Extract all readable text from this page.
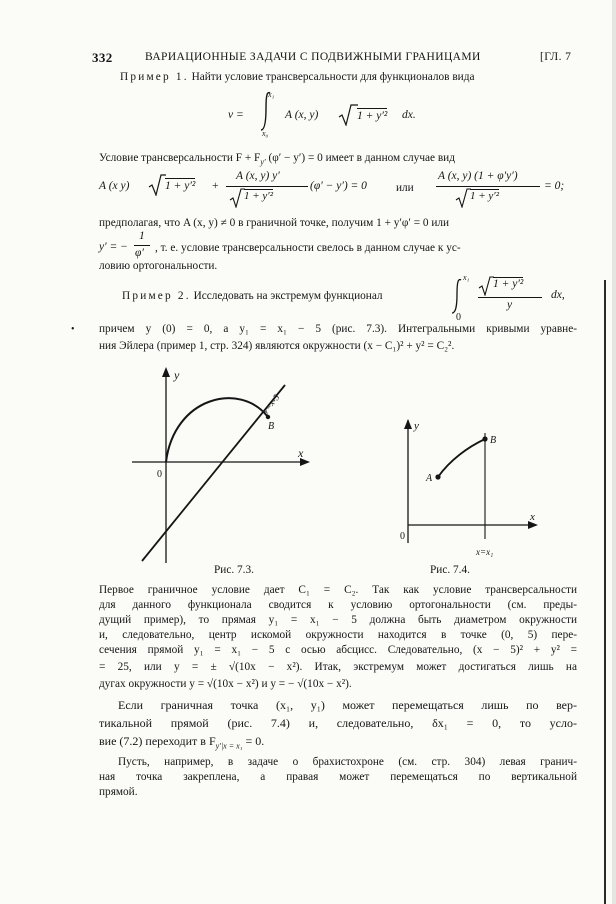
332	ВАРИАЦИОННЫЕ ЗАДАЧИ С ПОДВИЖНЫМИ ГРАНИЦАМИ	[ГЛ. 7
Пример 1. Найти условие трансверсальности для функционалов вида
v =
x₁
x₀
A (x, y)	1 + y′² dx.
Условие трансверсальности $F + F_{y'}$ (φ′ − y′) = 0 имеет в данном случае вид
A (x y)	1 + y′² +
A (x, y) y′
1 + y′²
(φ′ − y′) = 0	или
A (x, y) (1 + φ′y′)
1 + y′²
= 0;
предполагая, что A (x, y) ≠ 0 в граничной точке, получим 1 + y′φ′ = 0 или
y′ = −
1
φ′ , т. е. условие трансверсальности свелось в данном случае к ус-
ловию ортогональности.
Пример 2. Исследовать на экстремум функционал
x₁
0
1 + y′²
y
dx,
• причем y (0) = 0, а y₁ = x₁ − 5 (рис. 7.3). Интегральными кривыми уравне-
ния Эйлера (пример 1, стр. 324) являются окружности (x − C₁)² + y² = C₂².
y
x
0
B
y=x-5
Рис. 7.3.
y
x
0
A
B
x=x₁
Рис. 7.4.
Первое граничное условие дает C₁ = C₂. Так как условие трансверсальности
для данного функционала сводится к условию ортогональности (см. преды-
дущий пример), то прямая y₁ = x₁ − 5 должна быть диаметром окружности
и, следовательно, центр искомой окружности находится в точке (0, 5) пере-
сечения прямой y₁ = x₁ − 5 с осью абсцисс. Следовательно, (x − 5)² + y² =
= 25, или y = ± √(10x − x²). Итак, экстремум может достигаться лишь на
дугах окружности y = √(10x − x²) и y = − √(10x − x²).
Если граничная точка (x₁, y₁) может перемещаться лишь по вер-
тикальной прямой (рис. 7.4) и, следовательно, δx₁ = 0, то усло-
вие (7.2) переходит в $F_{y'|x = x_1} = 0$.
Пусть, например, в задаче о брахистохроне (см. стр. 304) левая гранич-
ная точка закреплена, а правая может перемещаться по вертикальной
прямой.
